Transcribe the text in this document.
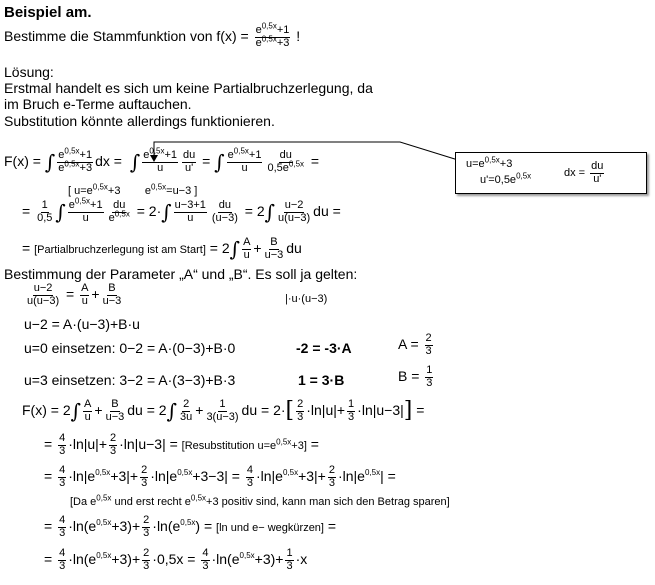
Beispiel am.
Bestimme die Stammfunktion von $f(x) = \frac{e^{0,5x}+1}{e^{0,5x}+3}$ !
Lösung:
Erstmal handelt es sich um keine Partialbruchzerlegung, da
im Bruch e-Terme auftauchen.
Substitution könnte allerdings funktionieren.
$u=e^{0,5x}+3$
$u'=0,5e^{0,5x}$	dx = $\frac{du}{u'}$
F(x) = ∫ $\frac{e^{0,5x}+1}{e^{0,5x}+3}$ dx = ∫ $\frac{e^{0,5x}+1}{u} \frac{du}{u'}$ = ∫ $\frac{e^{0,5x}+1}{u} \frac{du}{0,5e^{0,5x}}$ =
[ $u=e^{0,5x}+3$        $e^{0,5x}=u-3$ ]
= $\frac{1}{0,5}$ ∫ $\frac{e^{0,5x}+1}{u} \frac{du}{e^{0,5x}} = 2\cdot\int \frac{u-3+1}{u} \frac{du}{(u-3)} = 2\int \frac{u-2}{u(u-3)}$ du =
= [Partialbruchzerlegung ist am Start] = $2\int \frac{A}{u} + \frac{B}{u-3}$ du
Bestimmung der Parameter „A“ und „B“. Es soll ja gelten:
$\frac{u-2}{u(u-3)} = \frac{A}{u} + \frac{B}{u-3}$	|·u·(u−3)
u−2 = A·(u−3)+B·u
u=0 einsetzen: 0−2 = A·(0−3)+B·0	-2 = -3·A	$A = \frac{2}{3}$
u=3 einsetzen: 3−2 = A·(3−3)+B·3	1 = 3·B	$B = \frac{1}{3}$
$F(x) = 2\int \frac{A}{u} + \frac{B}{u-3}$ du = $2\int \frac{2}{3u} + \frac{1}{3(u-3)}$ du = $2\cdot[ \frac{2}{3} \cdot\ln|u|+ \frac{1}{3} \cdot\ln|u-3|]$ =
= $\frac{4}{3} \cdot\ln|u|+ \frac{2}{3} \cdot\ln|u-3|$ = [Resubstitution $u=e^{0,5x}+3$] =
= $\frac{4}{3} \cdot\ln|e^{0,5x}+3|+ \frac{2}{3} \cdot\ln|e^{0,5x}+3-3| = \frac{4}{3} \cdot\ln|e^{0,5x}+3|+ \frac{2}{3} \cdot\ln|e^{0,5x}|$ =
[Da $e^{0,5x}$ und erst recht $e^{0,5x}+3$ positiv sind, kann man sich den Betrag sparen]
= $\frac{4}{3} \cdot\ln(e^{0,5x}+3)+ \frac{2}{3} \cdot\ln(e^{0,5x}) = [\ln$ und e− wegkürzen] =
= $\frac{4}{3} \cdot\ln(e^{0,5x}+3)+ \frac{2}{3} \cdot 0,5x = \frac{4}{3} \cdot\ln(e^{0,5x}+3)+ \frac{1}{3} \cdot x$
